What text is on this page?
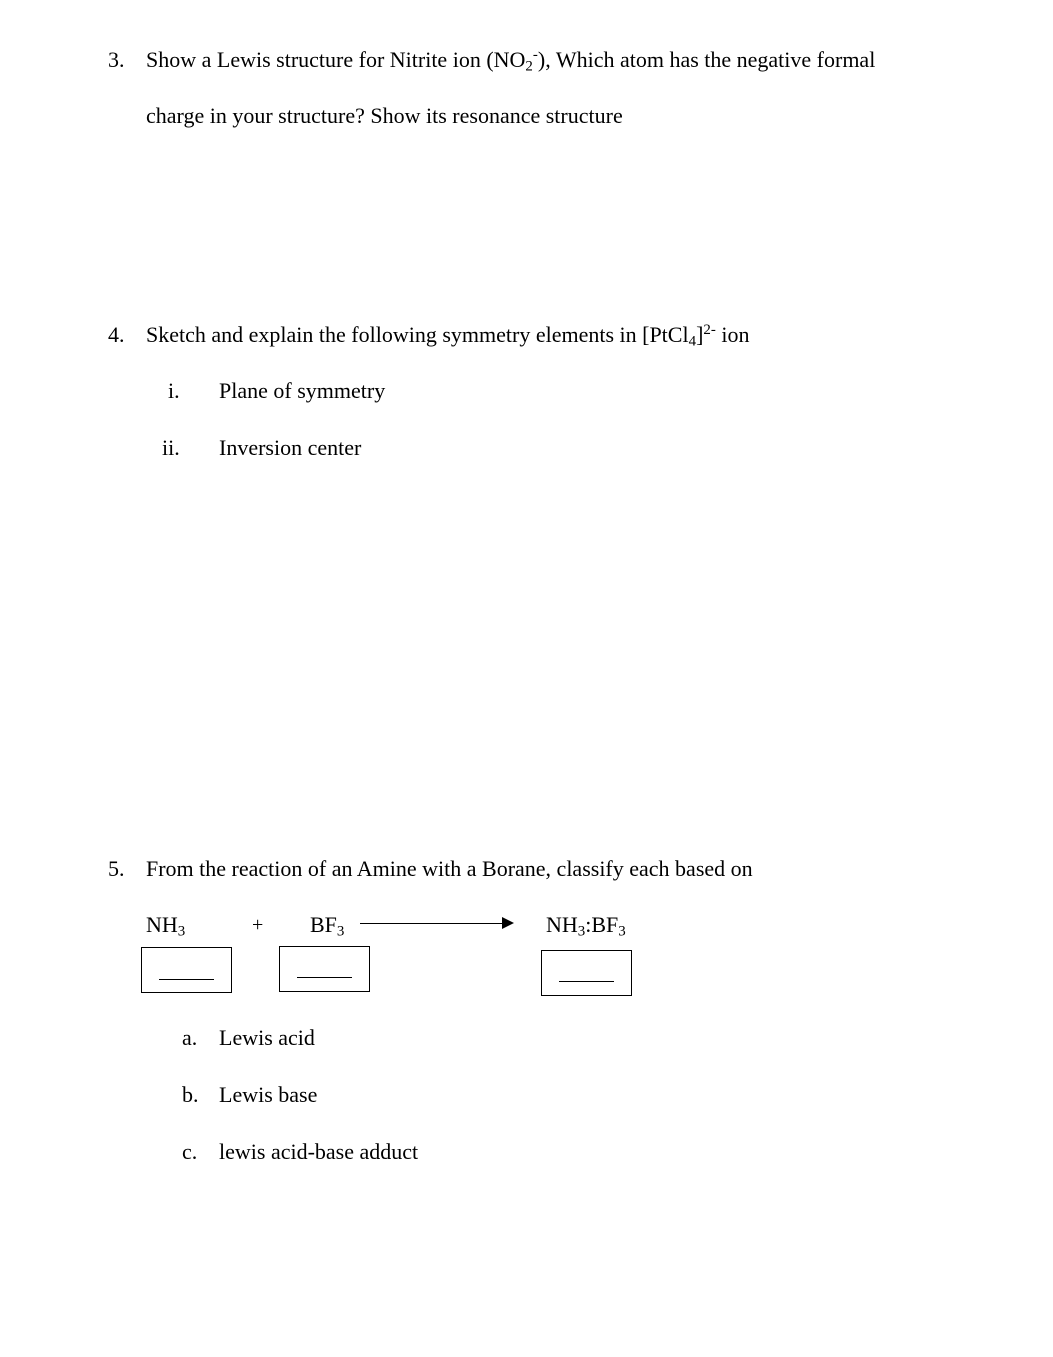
3. Show a Lewis structure for Nitrite ion $(NO_2^-)$, Which atom has the negative formal
charge in your structure? Show its resonance structure
4. Sketch and explain the following symmetry elements in [PtCl$_4$]$^{2-}$ ion
i. Plane of symmetry
ii. Inversion center
5. From the reaction of an Amine with a Borane, classify each based on
$NH_3$	+ $BF_3$	$NH_3:BF_3$
a. Lewis acid
b. Lewis base
c. lewis acid-base adduct
